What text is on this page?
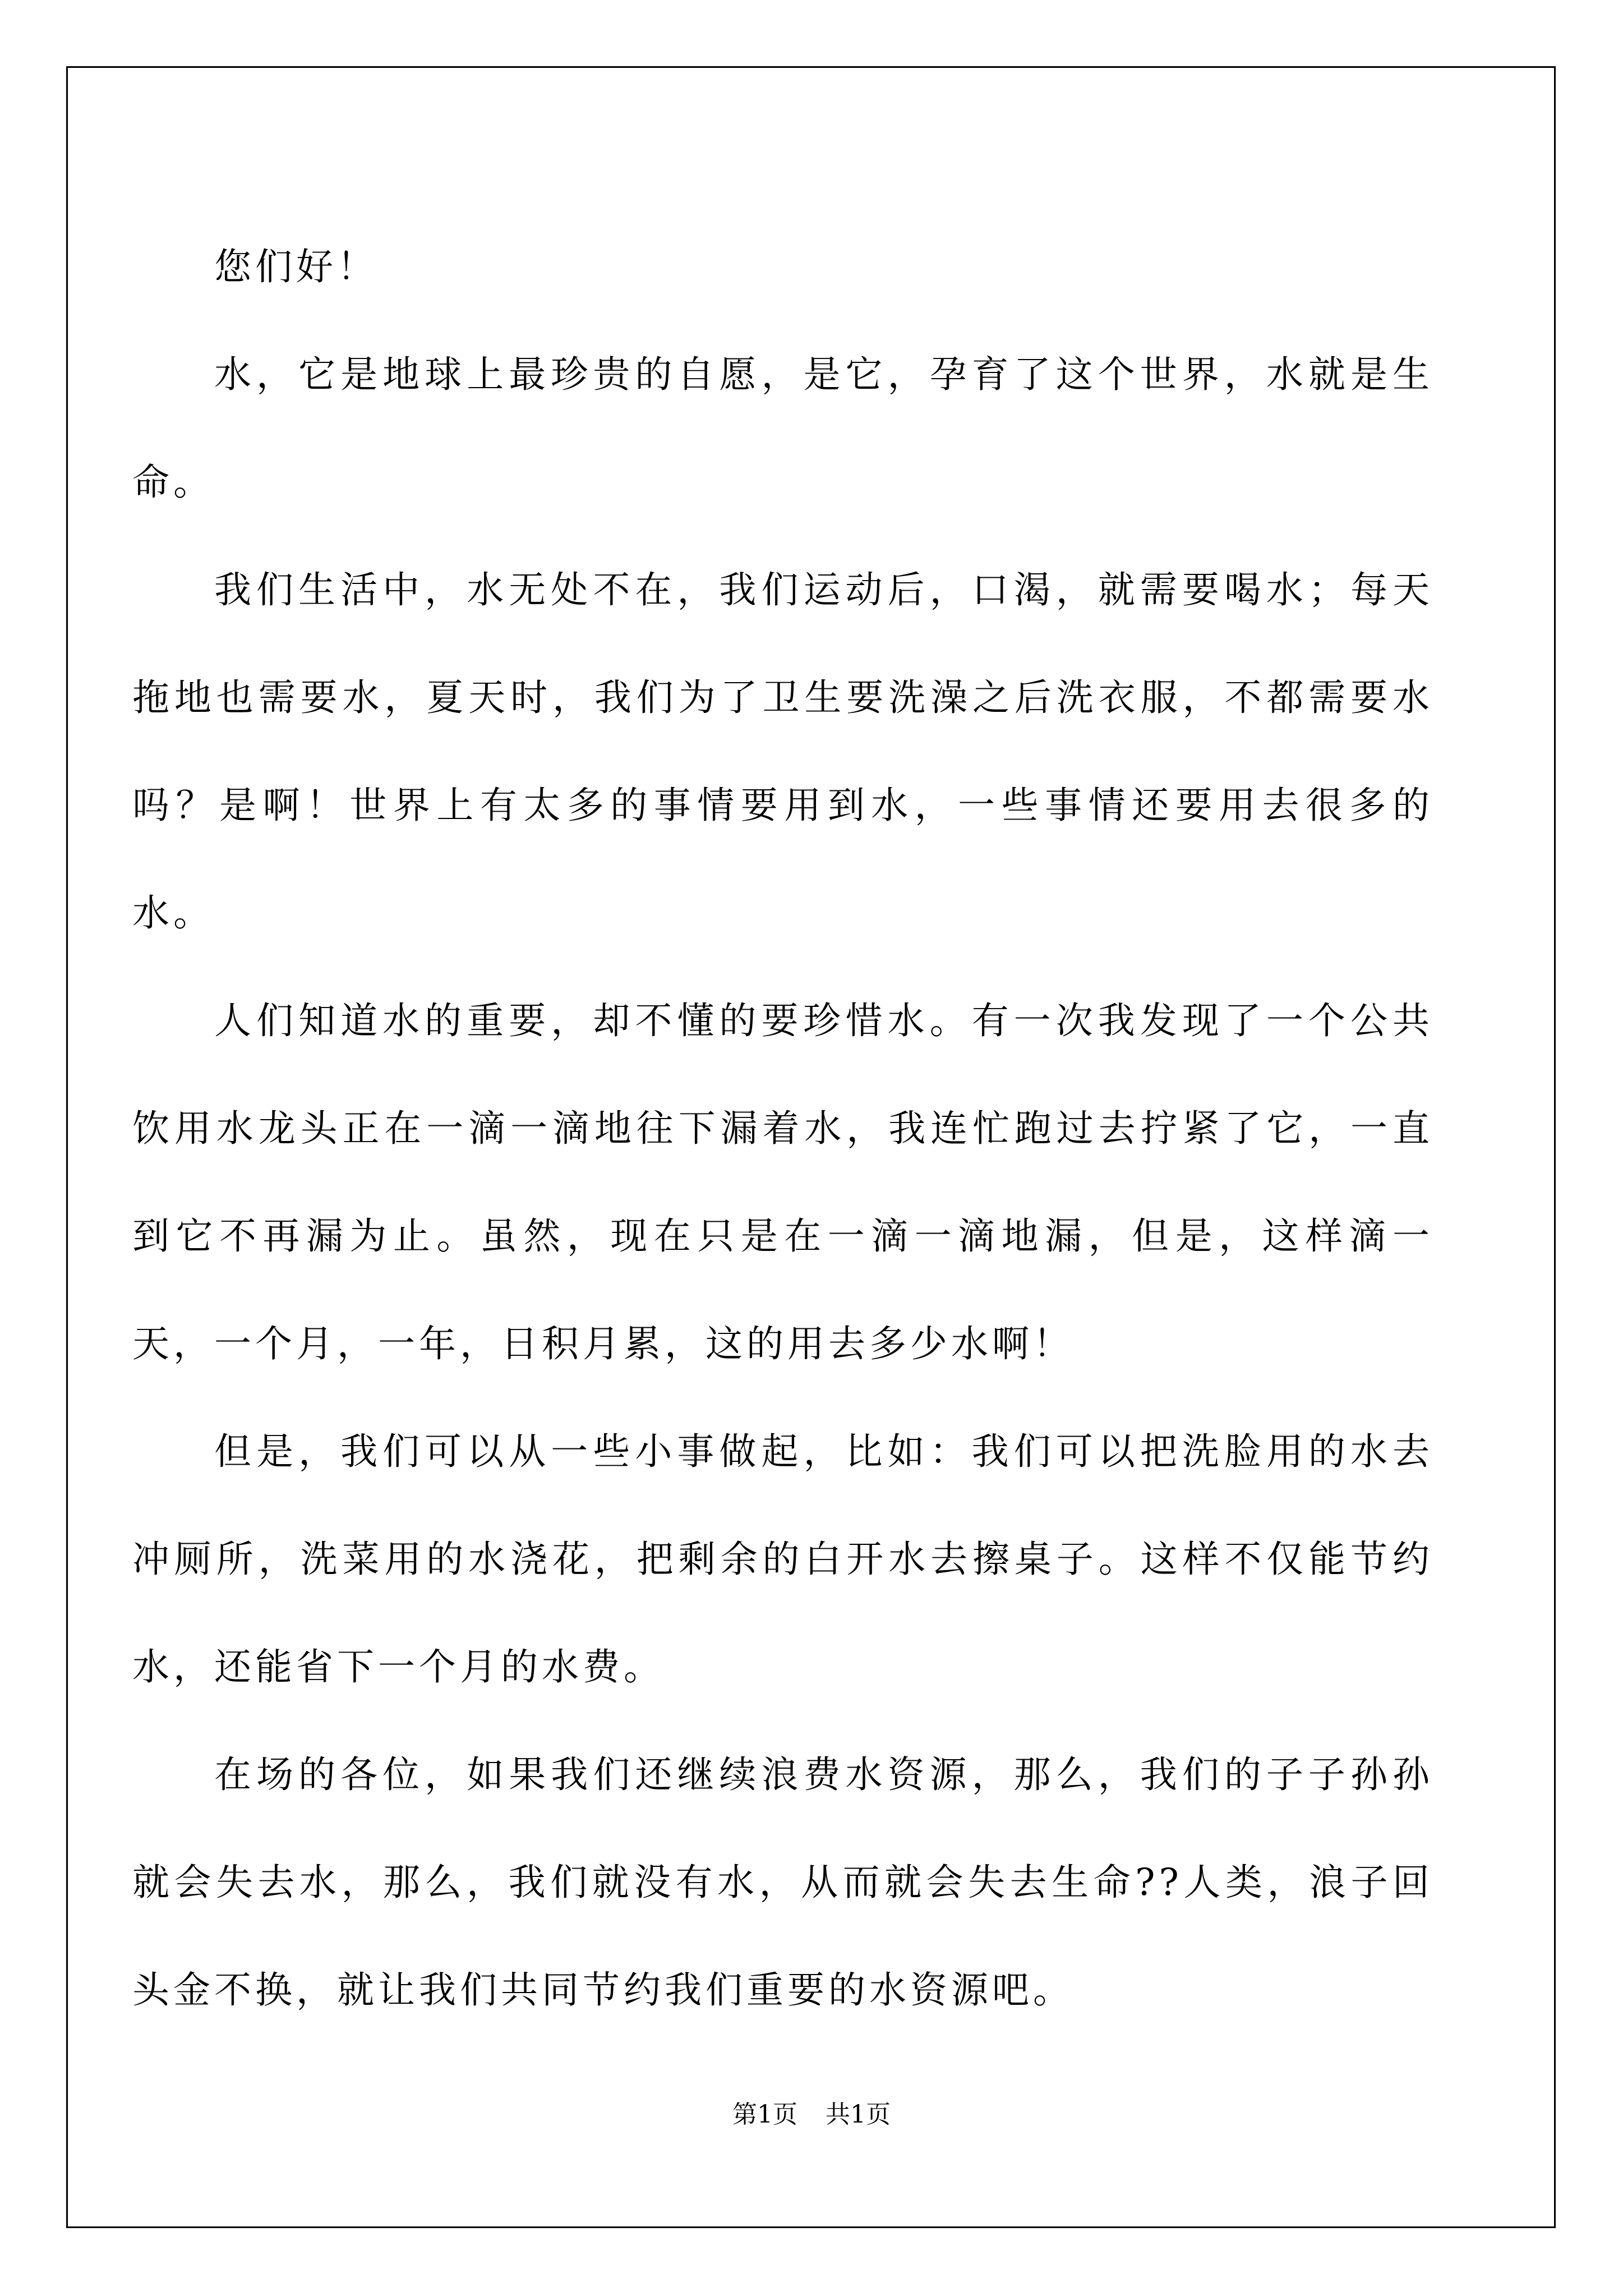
您们好！

水，它是地球上最珍贵的自愿，是它，孕育了这个世界，水就是生命。

我们生活中，水无处不在，我们运动后，口渴，就需要喝水；每天拖地也需要水，夏天时，我们为了卫生要洗澡之后洗衣服，不都需要水吗？是啊！世界上有太多的事情要用到水，一些事情还要用去很多的水。

人们知道水的重要，却不懂的要珍惜水。有一次我发现了一个公共饮用水龙头正在一滴一滴地往下漏着水，我连忙跑过去拧紧了它，一直到它不再漏为止。虽然，现在只是在一滴一滴地漏，但是，这样滴一天，一个月，一年，日积月累，这的用去多少水啊！

但是，我们可以从一些小事做起，比如：我们可以把洗脸用的水去冲厕所，洗菜用的水浇花，把剩余的白开水去擦桌子。这样不仅能节约水，还能省下一个月的水费。

在场的各位，如果我们还继续浪费水资源，那么，我们的子子孙孙就会失去水，那么，我们就没有水，从而就会失去生命??人类，浪子回头金不换，就让我们共同节约我们重要的水资源吧。

第1页 共1页
